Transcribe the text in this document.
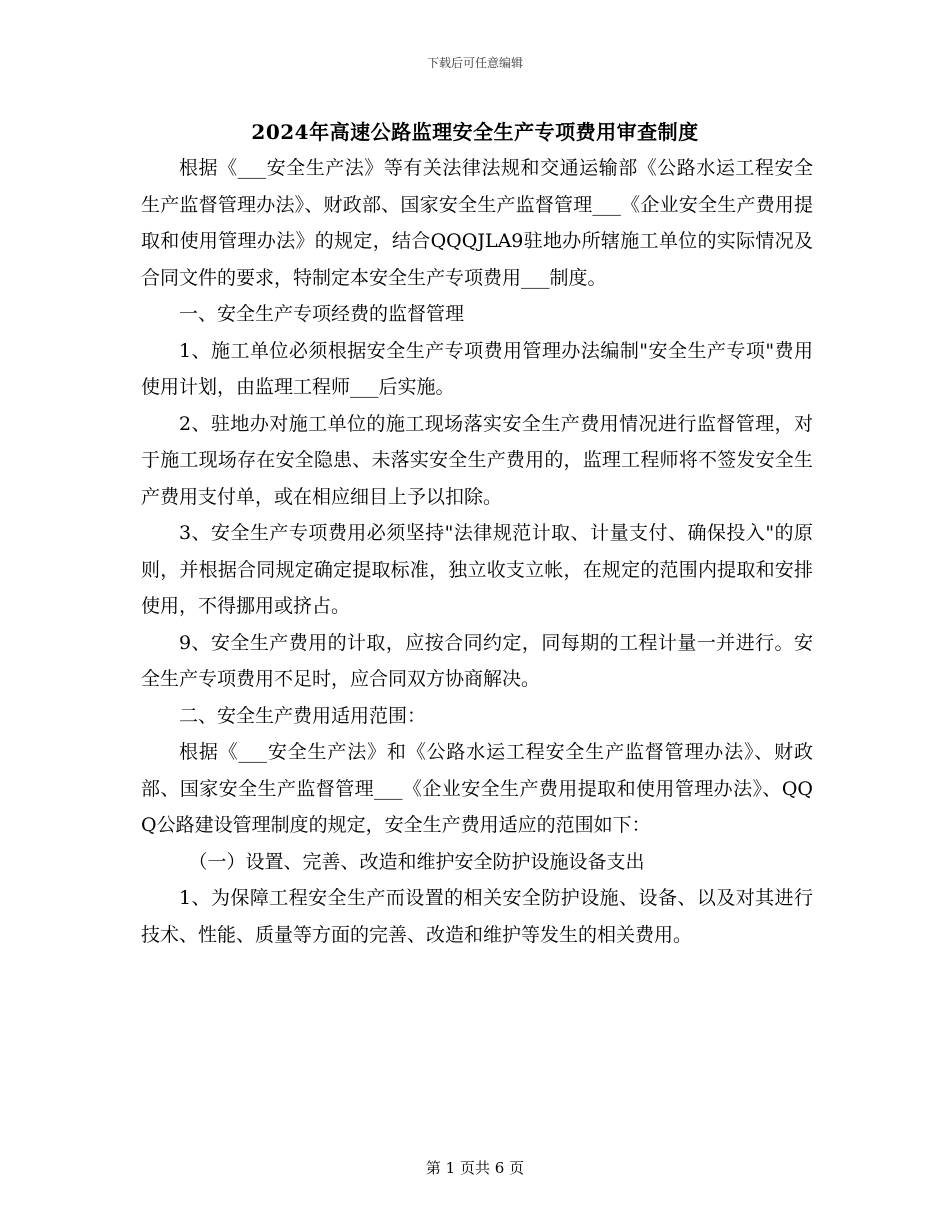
下载后可任意编辑
2024年高速公路监理安全生产专项费用审查制度

根据《___安全生产法》等有关法律法规和交通运输部《公路水运工程安全生产监督管理办法》、财政部、国家安全生产监督管理___《企业安全生产费用提取和使用管理办法》的规定，结合QQQJLA9驻地办所辖施工单位的实际情况及合同文件的要求，特制定本安全生产专项费用___制度。

一、安全生产专项经费的监督管理

1、施工单位必须根据安全生产专项费用管理办法编制"安全生产专项"费用使用计划，由监理工程师___后实施。

2、驻地办对施工单位的施工现场落实安全生产费用情况进行监督管理，对于施工现场存在安全隐患、未落实安全生产费用的，监理工程师将不签发安全生产费用支付单，或在相应细目上予以扣除。

3、安全生产专项费用必须坚持"法律规范计取、计量支付、确保投入"的原则，并根据合同规定确定提取标准，独立收支立帐，在规定的范围内提取和安排使用，不得挪用或挤占。

9、安全生产费用的计取，应按合同约定，同每期的工程计量一并进行。安全生产专项费用不足时，应合同双方协商解决。

二、安全生产费用适用范围：

根据《___安全生产法》和《公路水运工程安全生产监督管理办法》、财政部、国家安全生产监督管理___《企业安全生产费用提取和使用管理办法》、QQQ公路建设管理制度的规定，安全生产费用适应的范围如下：

（一）设置、完善、改造和维护安全防护设施设备支出

1、为保障工程安全生产而设置的相关安全防护设施、设备、以及对其进行技术、性能、质量等方面的完善、改造和维护等发生的相关费用。

第 1 页共 6 页
